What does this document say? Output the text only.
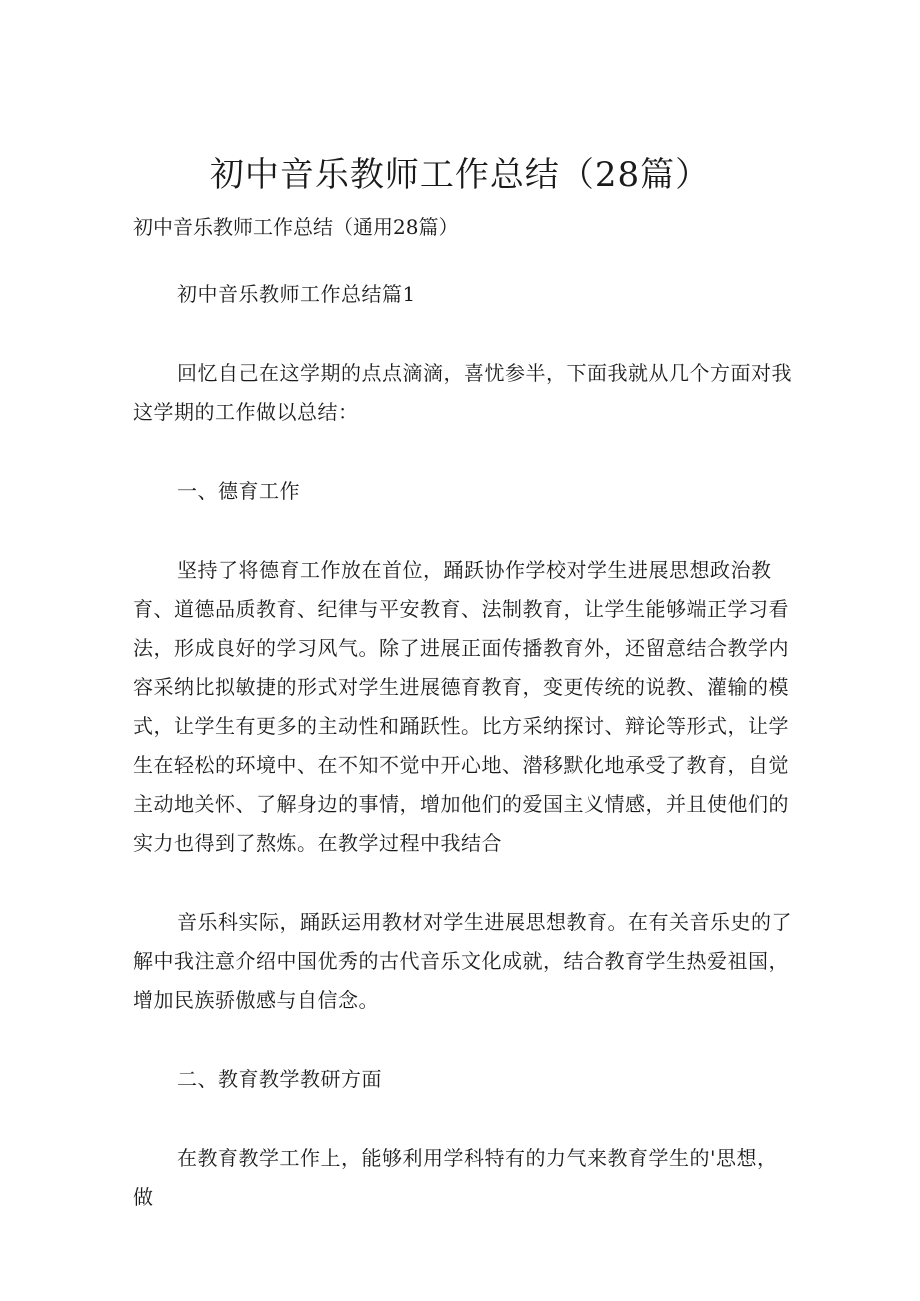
初中音乐教师工作总结（28篇）

初中音乐教师工作总结（通用28篇）

初中音乐教师工作总结篇1

回忆自己在这学期的点点滴滴，喜忧参半，下面我就从几个方面对我这学期的工作做以总结：

一、德育工作

坚持了将德育工作放在首位，踊跃协作学校对学生进展思想政治教育、道德品质教育、纪律与平安教育、法制教育，让学生能够端正学习看法，形成良好的学习风气。除了进展正面传播教育外，还留意结合教学内容采纳比拟敏捷的形式对学生进展德育教育，变更传统的说教、灌输的模式，让学生有更多的主动性和踊跃性。比方采纳探讨、辩论等形式，让学生在轻松的环境中、在不知不觉中开心地、潜移默化地承受了教育，自觉主动地关怀、了解身边的事情，增加他们的爱国主义情感，并且使他们的实力也得到了熬炼。在教学过程中我结合

音乐科实际，踊跃运用教材对学生进展思想教育。在有关音乐史的了解中我注意介绍中国优秀的古代音乐文化成就，结合教育学生热爱祖国，增加民族骄傲感与自信念。

二、教育教学教研方面

在教育教学工作上，能够利用学科特有的力气来教育学生的'思想，做
